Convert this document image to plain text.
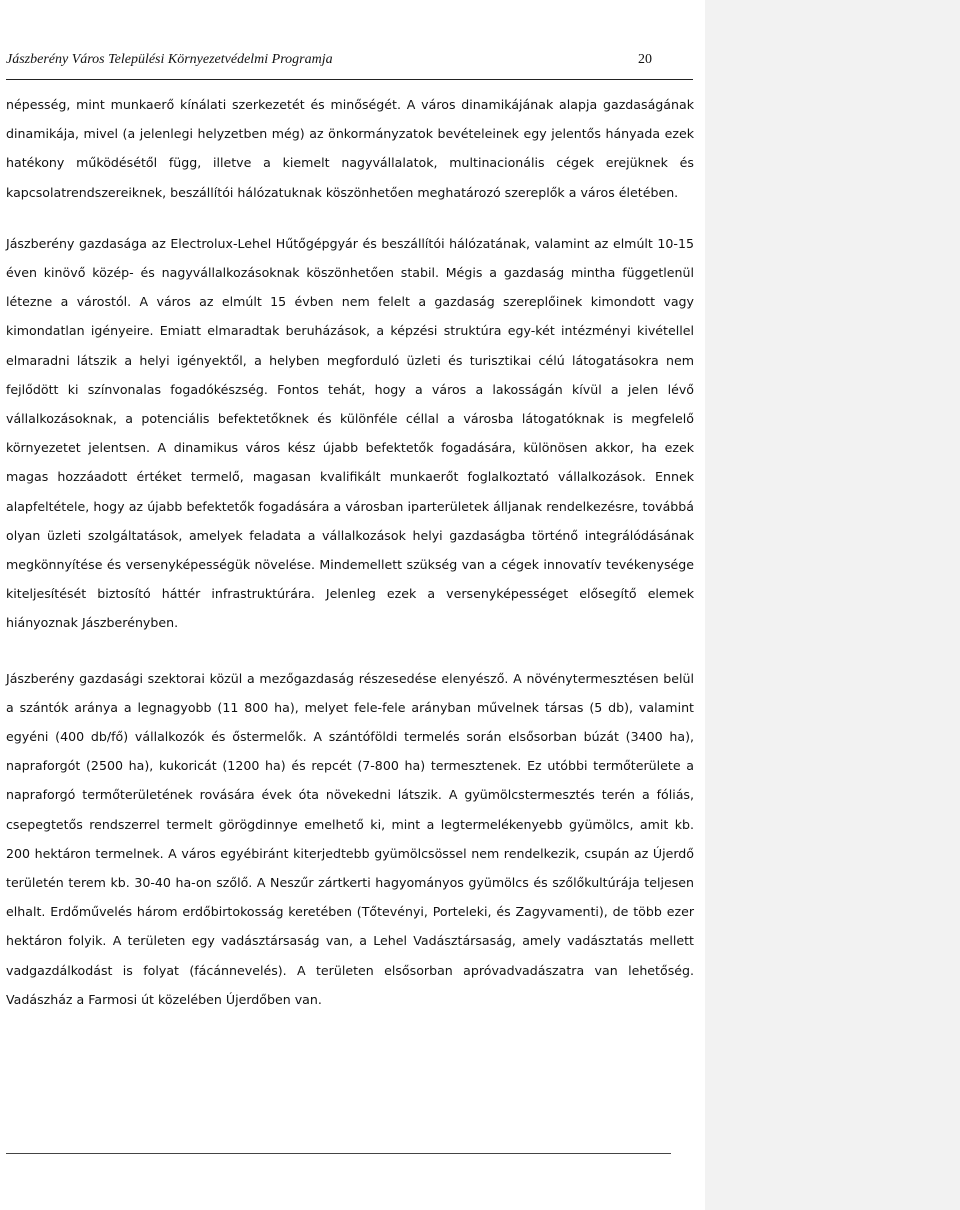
Jászberény Város Települési Környezetvédelmi Programja	20

népesség, mint munkaerő kínálati szerkezetét és minőségét. A város dinamikájának alapja gazdaságának dinamikája, mivel (a jelenlegi helyzetben még) az önkormányzatok bevételeinek egy jelentős hányada ezek hatékony működésétől függ, illetve a kiemelt nagyvállalatok, multinacionális cégek erejüknek és kapcsolatrendszereiknek, beszállítói hálózatuknak köszönhetően meghatározó szereplők a város életében.

Jászberény gazdasága az Electrolux-Lehel Hűtőgépgyár és beszállítói hálózatának, valamint az elmúlt 10-15 éven kinövő közép- és nagyvállalkozásoknak köszönhetően stabil. Mégis a gazdaság mintha függetlenül létezne a várostól. A város az elmúlt 15 évben nem felelt a gazdaság szereplőinek kimondott vagy kimondatlan igényeire. Emiatt elmaradtak beruházások, a képzési struktúra egy-két intézményi kivétellel elmaradni látszik a helyi igényektől, a helyben megforduló üzleti és turisztikai célú látogatásokra nem fejlődött ki színvonalas fogadókészség. Fontos tehát, hogy a város a lakosságán kívül a jelen lévő vállalkozásoknak, a potenciális befektetőknek és különféle céllal a városba látogatóknak is megfelelő környezetet jelentsen. A dinamikus város kész újabb befektetők fogadására, különösen akkor, ha ezek magas hozzáadott értéket termelő, magasan kvalifikált munkaerőt foglalkoztató vállalkozások. Ennek alapfeltétele, hogy az újabb befektetők fogadására a városban iparterületek álljanak rendelkezésre, továbbá olyan üzleti szolgáltatások, amelyek feladata a vállalkozások helyi gazdaságba történő integrálódásának megkönnyítése és versenyképességük növelése. Mindemellett szükség van a cégek innovatív tevékenysége kiteljesítését biztosító háttér infrastruktúrára. Jelenleg ezek a versenyképességet elősegítő elemek hiányoznak Jászberényben.

Jászberény gazdasági szektorai közül a mezőgazdaság részesedése elenyésző. A növénytermesztésen belül a szántók aránya a legnagyobb (11 800 ha), melyet fele-fele arányban művelnek társas (5 db), valamint egyéni (400 db/fő) vállalkozók és őstermelők. A szántóföldi termelés során elsősorban búzát (3400 ha), napraforgót (2500 ha), kukoricát (1200 ha) és repcét (7-800 ha) termesztenek. Ez utóbbi termőterülete a napraforgó termőterületének rovására évek óta növekedni látszik. A gyümölcstermesztés terén a fóliás, csepegtetős rendszerrel termelt görögdinnye emelhető ki, mint a legtermelékenyebb gyümölcs, amit kb. 200 hektáron termelnek. A város egyébiránt kiterjedtebb gyümölcsössel nem rendelkezik, csupán az Újerdő területén terem kb. 30-40 ha-on szőlő. A Neszűr zártkerti hagyományos gyümölcs és szőlőkultúrája teljesen elhalt. Erdőművelés három erdőbirtokosság keretében (Tőtevényi, Porteleki, és Zagyvamenti), de több ezer hektáron folyik. A területen egy vadásztársaság van, a Lehel Vadásztársaság, amely vadásztatás mellett vadgazdálkodást is folyat (fácánnevelés). A területen elsősorban apróvadvadászatra van lehetőség. Vadászház a Farmosi út közelében Újerdőben van.
